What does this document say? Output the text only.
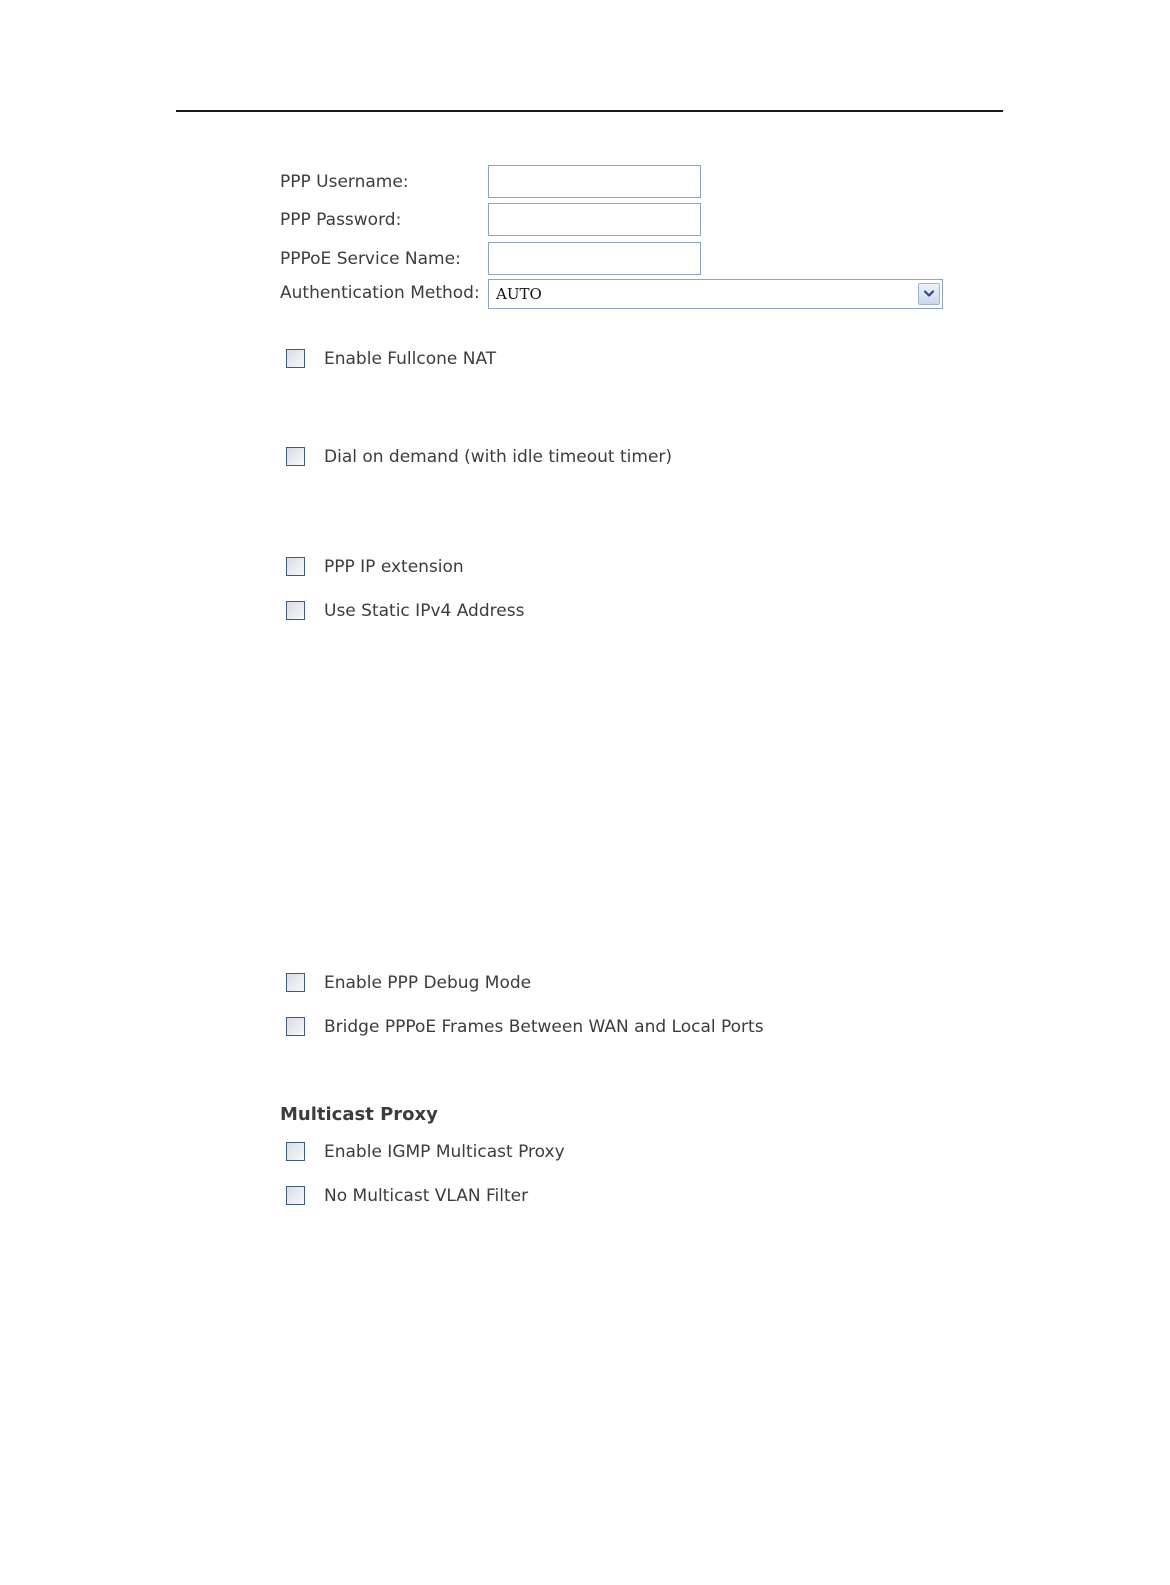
PPP Username:
PPP Password:
PPPoE Service Name:
Authentication Method: AUTO
Enable Fullcone NAT
Dial on demand (with idle timeout timer)
PPP IP extension
Use Static IPv4 Address
Enable PPP Debug Mode
Bridge PPPoE Frames Between WAN and Local Ports
Multicast Proxy
Enable IGMP Multicast Proxy
No Multicast VLAN Filter
